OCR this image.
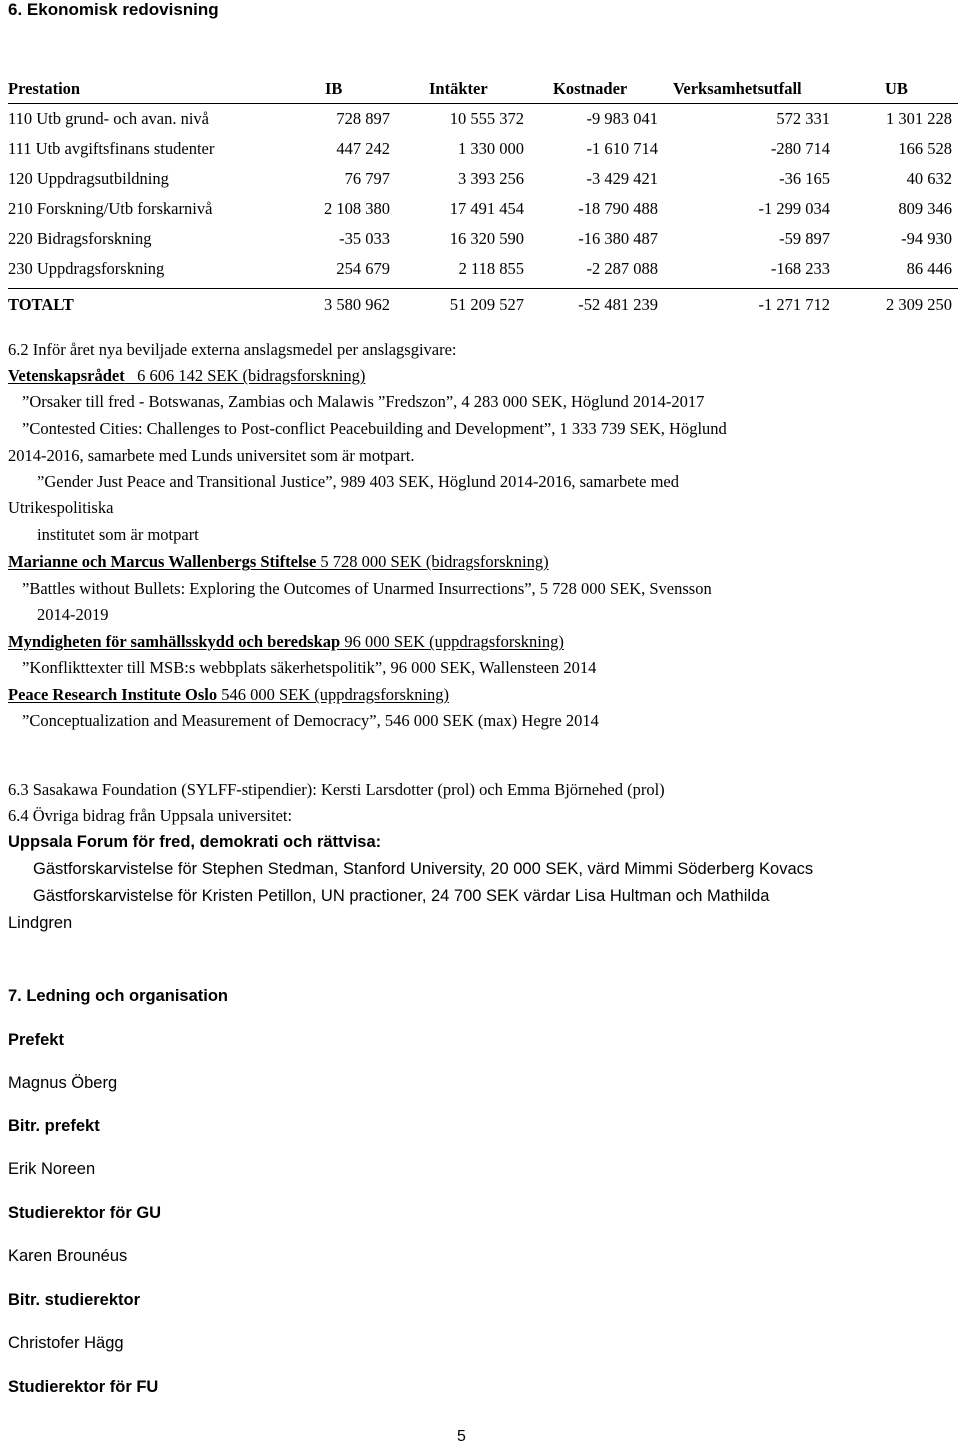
6. Ekonomisk redovisning
Prestation	IB	Intäkter	Kostnader	Verksamhetsutfall	UB
110 Utb grund- och avan. nivå	728 897	10 555 372	-9 983 041	572 331	1 301 228
111 Utb avgiftsfinans studenter	447 242	1 330 000	-1 610 714	-280 714	166 528
120 Uppdragsutbildning	76 797	3 393 256	-3 429 421	-36 165	40 632
210 Forskning/Utb forskarnivå	2 108 380	17 491 454	-18 790 488	-1 299 034	809 346
220 Bidragsforskning	-35 033	16 320 590	-16 380 487	-59 897	-94 930
230 Uppdragsforskning	254 679	2 118 855	-2 287 088	-168 233	86 446
TOTALT	3 580 962	51 209 527	-52 481 239	-1 271 712	2 309 250
6.2 Inför året nya beviljade externa anslagsmedel per anslagsgivare:
Vetenskapsrådet   6 606 142 SEK (bidragsforskning)
”Orsaker till fred - Botswanas, Zambias och Malawis ”Fredszon”, 4 283 000 SEK, Höglund 2014-2017
”Contested Cities: Challenges to Post-conflict Peacebuilding and Development”, 1 333 739 SEK, Höglund
2014-2016, samarbete med Lunds universitet som är motpart.
”Gender Just Peace and Transitional Justice”, 989 403 SEK, Höglund 2014-2016, samarbete med
Utrikespolitiska
institutet som är motpart
Marianne och Marcus Wallenbergs Stiftelse 5 728 000 SEK (bidragsforskning)
”Battles without Bullets: Exploring the Outcomes of Unarmed Insurrections”, 5 728 000 SEK, Svensson
2014-2019
Myndigheten för samhällsskydd och beredskap 96 000 SEK (uppdragsforskning)
”Konflikttexter till MSB:s webbplats säkerhetspolitik”, 96 000 SEK, Wallensteen 2014
Peace Research Institute Oslo 546 000 SEK (uppdragsforskning)
”Conceptualization and Measurement of Democracy”, 546 000 SEK (max) Hegre 2014
6.3 Sasakawa Foundation (SYLFF-stipendier): Kersti Larsdotter (prol) och Emma Björnehed (prol)
6.4 Övriga bidrag från Uppsala universitet:
Uppsala Forum för fred, demokrati och rättvisa:
Gästforskarvistelse för Stephen Stedman, Stanford University, 20 000 SEK, värd Mimmi Söderberg Kovacs
Gästforskarvistelse för Kristen Petillon, UN practioner, 24 700 SEK värdar Lisa Hultman och Mathilda
Lindgren
7. Ledning och organisation
Prefekt
Magnus Öberg
Bitr. prefekt
Erik Noreen
Studierektor för GU
Karen Brounéus
Bitr. studierektor
Christofer Hägg
Studierektor för FU
5
